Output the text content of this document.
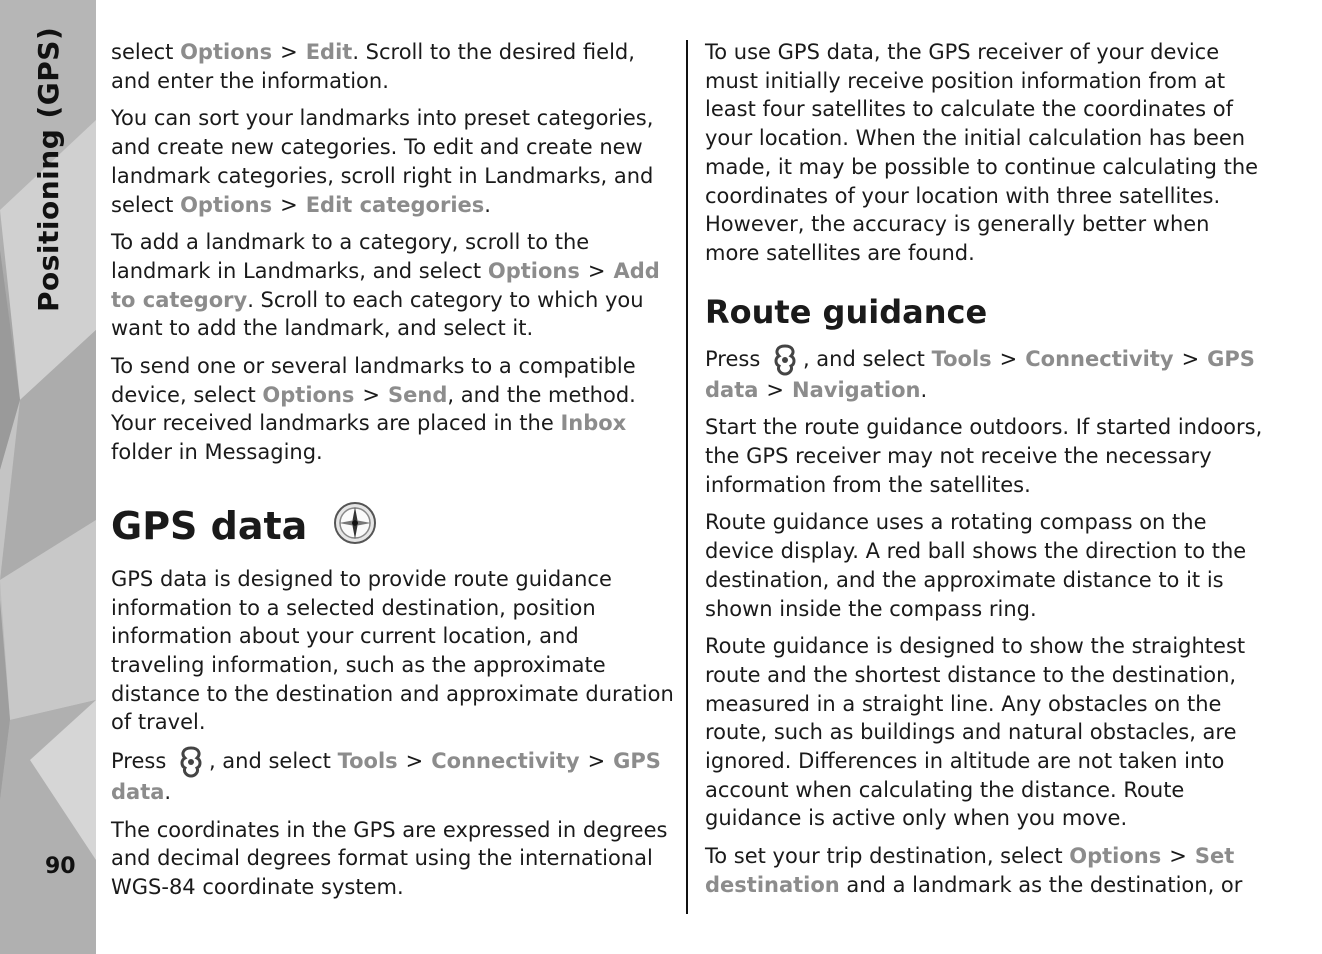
Positioning (GPS)
90

select Options > Edit. Scroll to the desired field, and enter the information.

You can sort your landmarks into preset categories, and create new categories. To edit and create new landmark categories, scroll right in Landmarks, and select Options > Edit categories.

To add a landmark to a category, scroll to the landmark in Landmarks, and select Options > Add to category. Scroll to each category to which you want to add the landmark, and select it.

To send one or several landmarks to a compatible device, select Options > Send, and the method. Your received landmarks are placed in the Inbox folder in Messaging.

GPS data

GPS data is designed to provide route guidance information to a selected destination, position information about your current location, and traveling information, such as the approximate distance to the destination and approximate duration of travel.

Press , and select Tools > Connectivity > GPS data.

The coordinates in the GPS are expressed in degrees and decimal degrees format using the international WGS-84 coordinate system.

To use GPS data, the GPS receiver of your device must initially receive position information from at least four satellites to calculate the coordinates of your location. When the initial calculation has been made, it may be possible to continue calculating the coordinates of your location with three satellites. However, the accuracy is generally better when more satellites are found.

Route guidance

Press , and select Tools > Connectivity > GPS data > Navigation.

Start the route guidance outdoors. If started indoors, the GPS receiver may not receive the necessary information from the satellites.

Route guidance uses a rotating compass on the device display. A red ball shows the direction to the destination, and the approximate distance to it is shown inside the compass ring.

Route guidance is designed to show the straightest route and the shortest distance to the destination, measured in a straight line. Any obstacles on the route, such as buildings and natural obstacles, are ignored. Differences in altitude are not taken into account when calculating the distance. Route guidance is active only when you move.

To set your trip destination, select Options > Set destination and a landmark as the destination, or
